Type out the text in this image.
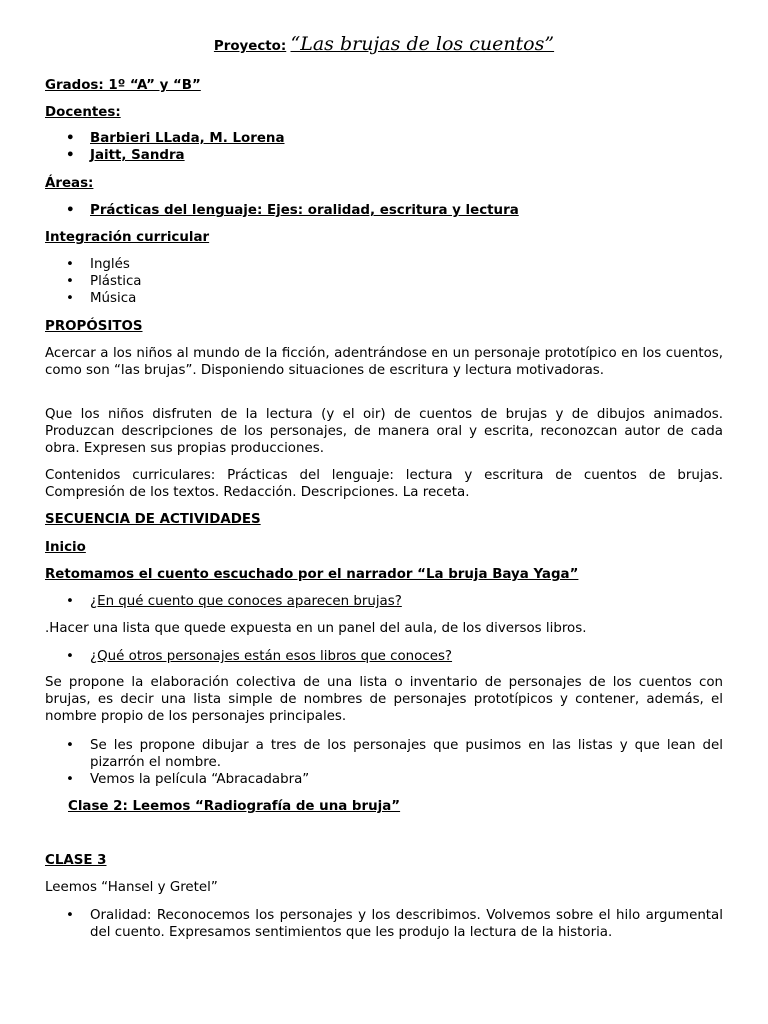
Proyecto: “Las brujas de los cuentos”

Grados: 1º “A” y “B”

Docentes:

• Barbieri LLada, M. Lorena
• Jaitt, Sandra

Áreas:

• Prácticas del lenguaje: Ejes: oralidad, escritura y lectura

Integración curricular

• Inglés
• Plástica
• Música

PROPÓSITOS

Acercar a los niños al mundo de la ficción, adentrándose en un personaje prototípico en los cuentos, como son “las brujas”. Disponiendo situaciones de escritura y lectura motivadoras.

Que los niños disfruten de la lectura (y el oir) de cuentos de brujas y de dibujos animados. Produzcan descripciones de los personajes, de manera oral y escrita, reconozcan autor de cada obra. Expresen sus propias producciones.

Contenidos curriculares: Prácticas del lenguaje: lectura y escritura de cuentos de brujas. Compresión de los textos. Redacción. Descripciones. La receta.

SECUENCIA DE ACTIVIDADES

Inicio

Retomamos el cuento escuchado por el narrador “La bruja Baya Yaga”

• ¿En qué cuento que conoces aparecen brujas?

.Hacer una lista que quede expuesta en un panel del aula, de los diversos libros.

• ¿Qué otros personajes están esos libros que conoces?

Se propone la elaboración colectiva de una lista o inventario de personajes de los cuentos con brujas, es decir una lista simple de nombres de personajes prototípicos y contener, además, el nombre propio de los personajes principales.

• Se les propone dibujar a tres de los personajes que pusimos en las listas y que lean del pizarrón el nombre.
• Vemos la película “Abracadabra”

Clase 2: Leemos “Radiografía de una bruja”

CLASE 3

Leemos “Hansel y Gretel”

• Oralidad: Reconocemos los personajes y los describimos. Volvemos sobre el hilo argumental del cuento. Expresamos sentimientos que les produjo la lectura de la historia.
